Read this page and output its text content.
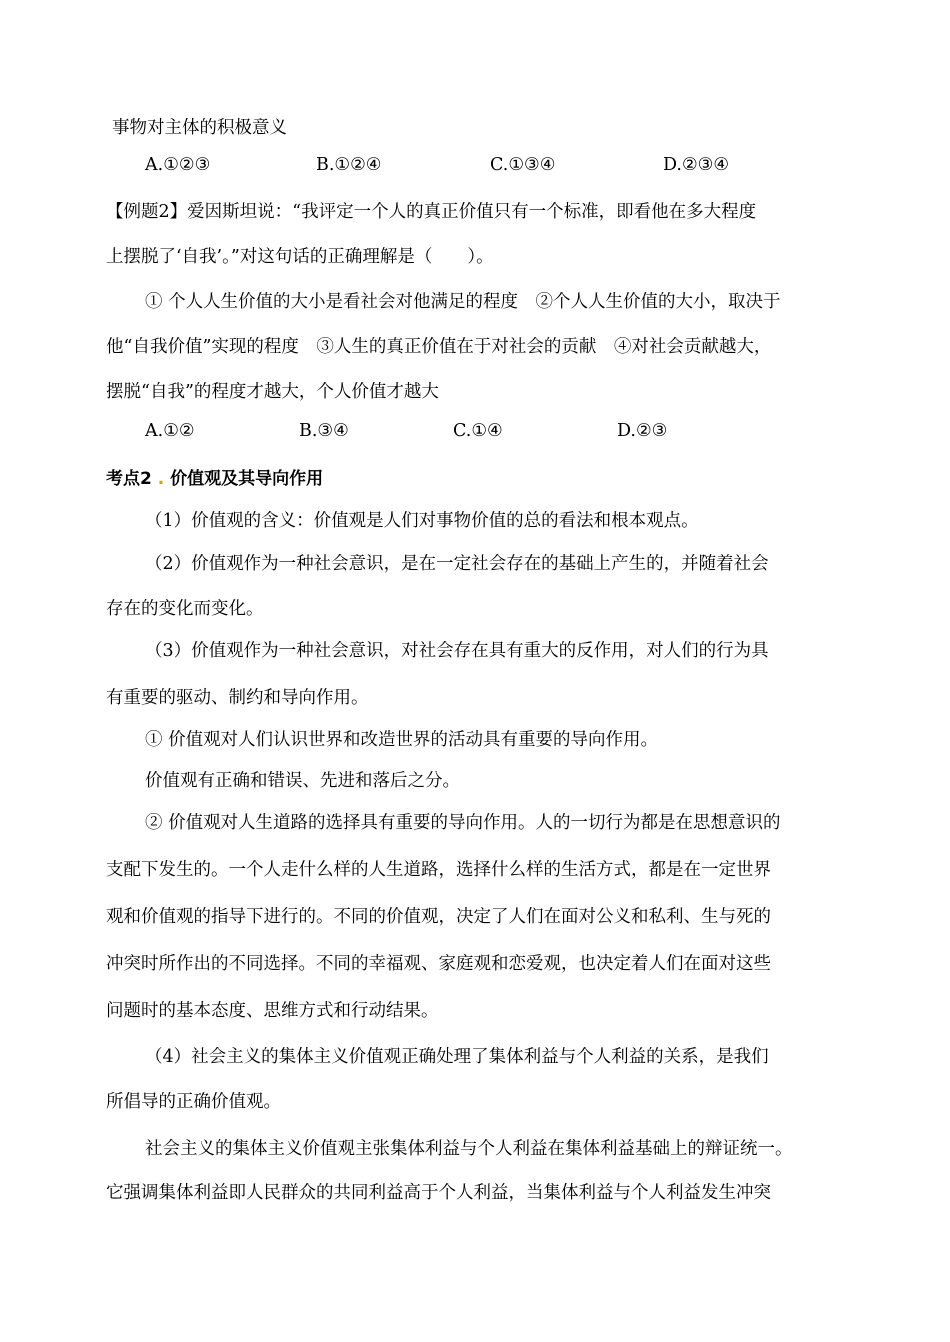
事物对主体的积极意义
A.①②③	B.①②④	C.①③④	D.②③④
【例题2】爱因斯坦说：“我评定一个人的真正价值只有一个标准，即看他在多大程度
上摆脱了‘自我’。”对这句话的正确理解是（　　）。
① 个人人生价值的大小是看社会对他满足的程度　②个人人生价值的大小，取决于
他“自我价值”实现的程度　③人生的真正价值在于对社会的贡献　④对社会贡献越大，
摆脱“自我”的程度才越大，个人价值才越大
A.①②	B.③④	C.①④	D.②③
考点2 . 价值观及其导向作用
（1）价值观的含义：价值观是人们对事物价值的总的看法和根本观点。
（2）价值观作为一种社会意识，是在一定社会存在的基础上产生的，并随着社会
存在的变化而变化。
（3）价值观作为一种社会意识，对社会存在具有重大的反作用，对人们的行为具
有重要的驱动、制约和导向作用。
① 价值观对人们认识世界和改造世界的活动具有重要的导向作用。
价值观有正确和错误、先进和落后之分。
② 价值观对人生道路的选择具有重要的导向作用。人的一切行为都是在思想意识的
支配下发生的。一个人走什么样的人生道路，选择什么样的生活方式，都是在一定世界
观和价值观的指导下进行的。不同的价值观，决定了人们在面对公义和私利、生与死的
冲突时所作出的不同选择。不同的幸福观、家庭观和恋爱观，也决定着人们在面对这些
问题时的基本态度、思维方式和行动结果。
（4）社会主义的集体主义价值观正确处理了集体利益与个人利益的关系，是我们
所倡导的正确价值观。
社会主义的集体主义价值观主张集体利益与个人利益在集体利益基础上的辩证统一。
它强调集体利益即人民群众的共同利益高于个人利益，当集体利益与个人利益发生冲突
